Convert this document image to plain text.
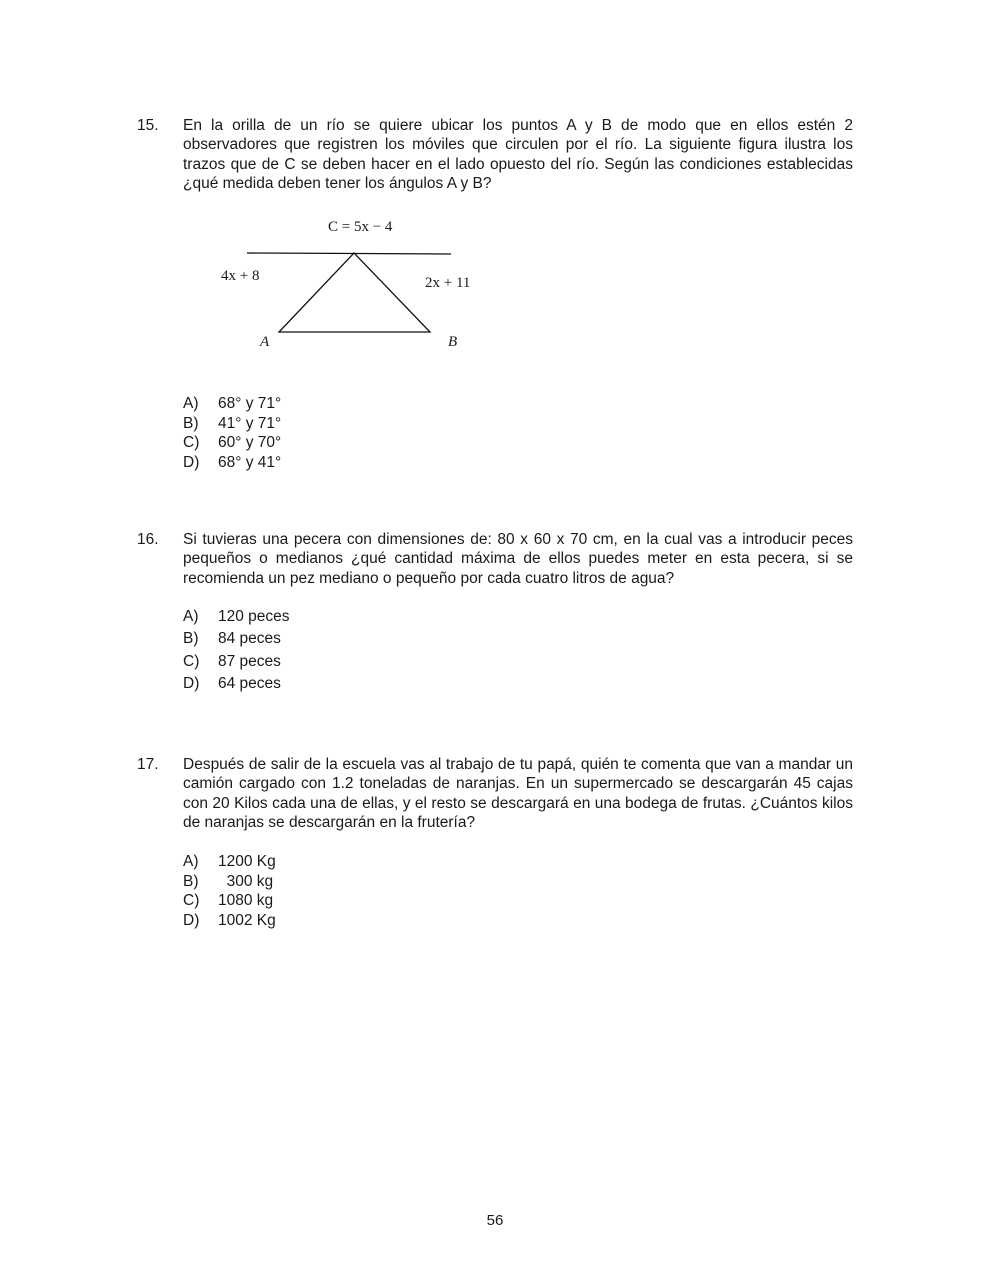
15. En la orilla de un río se quiere ubicar los puntos A y B de modo que en ellos estén 2 observadores que registren los móviles que circulen por el río. La siguiente figura ilustra los trazos que de C se deben hacer en el lado opuesto del río. Según las condiciones establecidas ¿qué medida deben tener los ángulos A y B?
C = 5x − 4
4x + 8	2x + 11
A	B
A)	68° y 71°
B)	41° y 71°
C)	60° y 70°
D)	68° y 41°
16. Si tuvieras una pecera con dimensiones de: 80 x 60 x 70 cm, en la cual vas a introducir peces pequeños o medianos ¿qué cantidad máxima de ellos puedes meter en esta pecera, si se recomienda un pez mediano o pequeño por cada cuatro litros de agua?
A)	120 peces
B)	84 peces
C)	87 peces
D)	64 peces
17. Después de salir de la escuela vas al trabajo de tu papá, quién te comenta que van a mandar un camión cargado con 1.2 toneladas de naranjas. En un supermercado se descargarán 45 cajas con 20 Kilos cada una de ellas, y el resto se descargará en una bodega de frutas. ¿Cuántos kilos de naranjas se descargarán en la frutería?
A)	1200 Kg
B)	300 kg
C)	1080 kg
D)	1002 Kg
56
